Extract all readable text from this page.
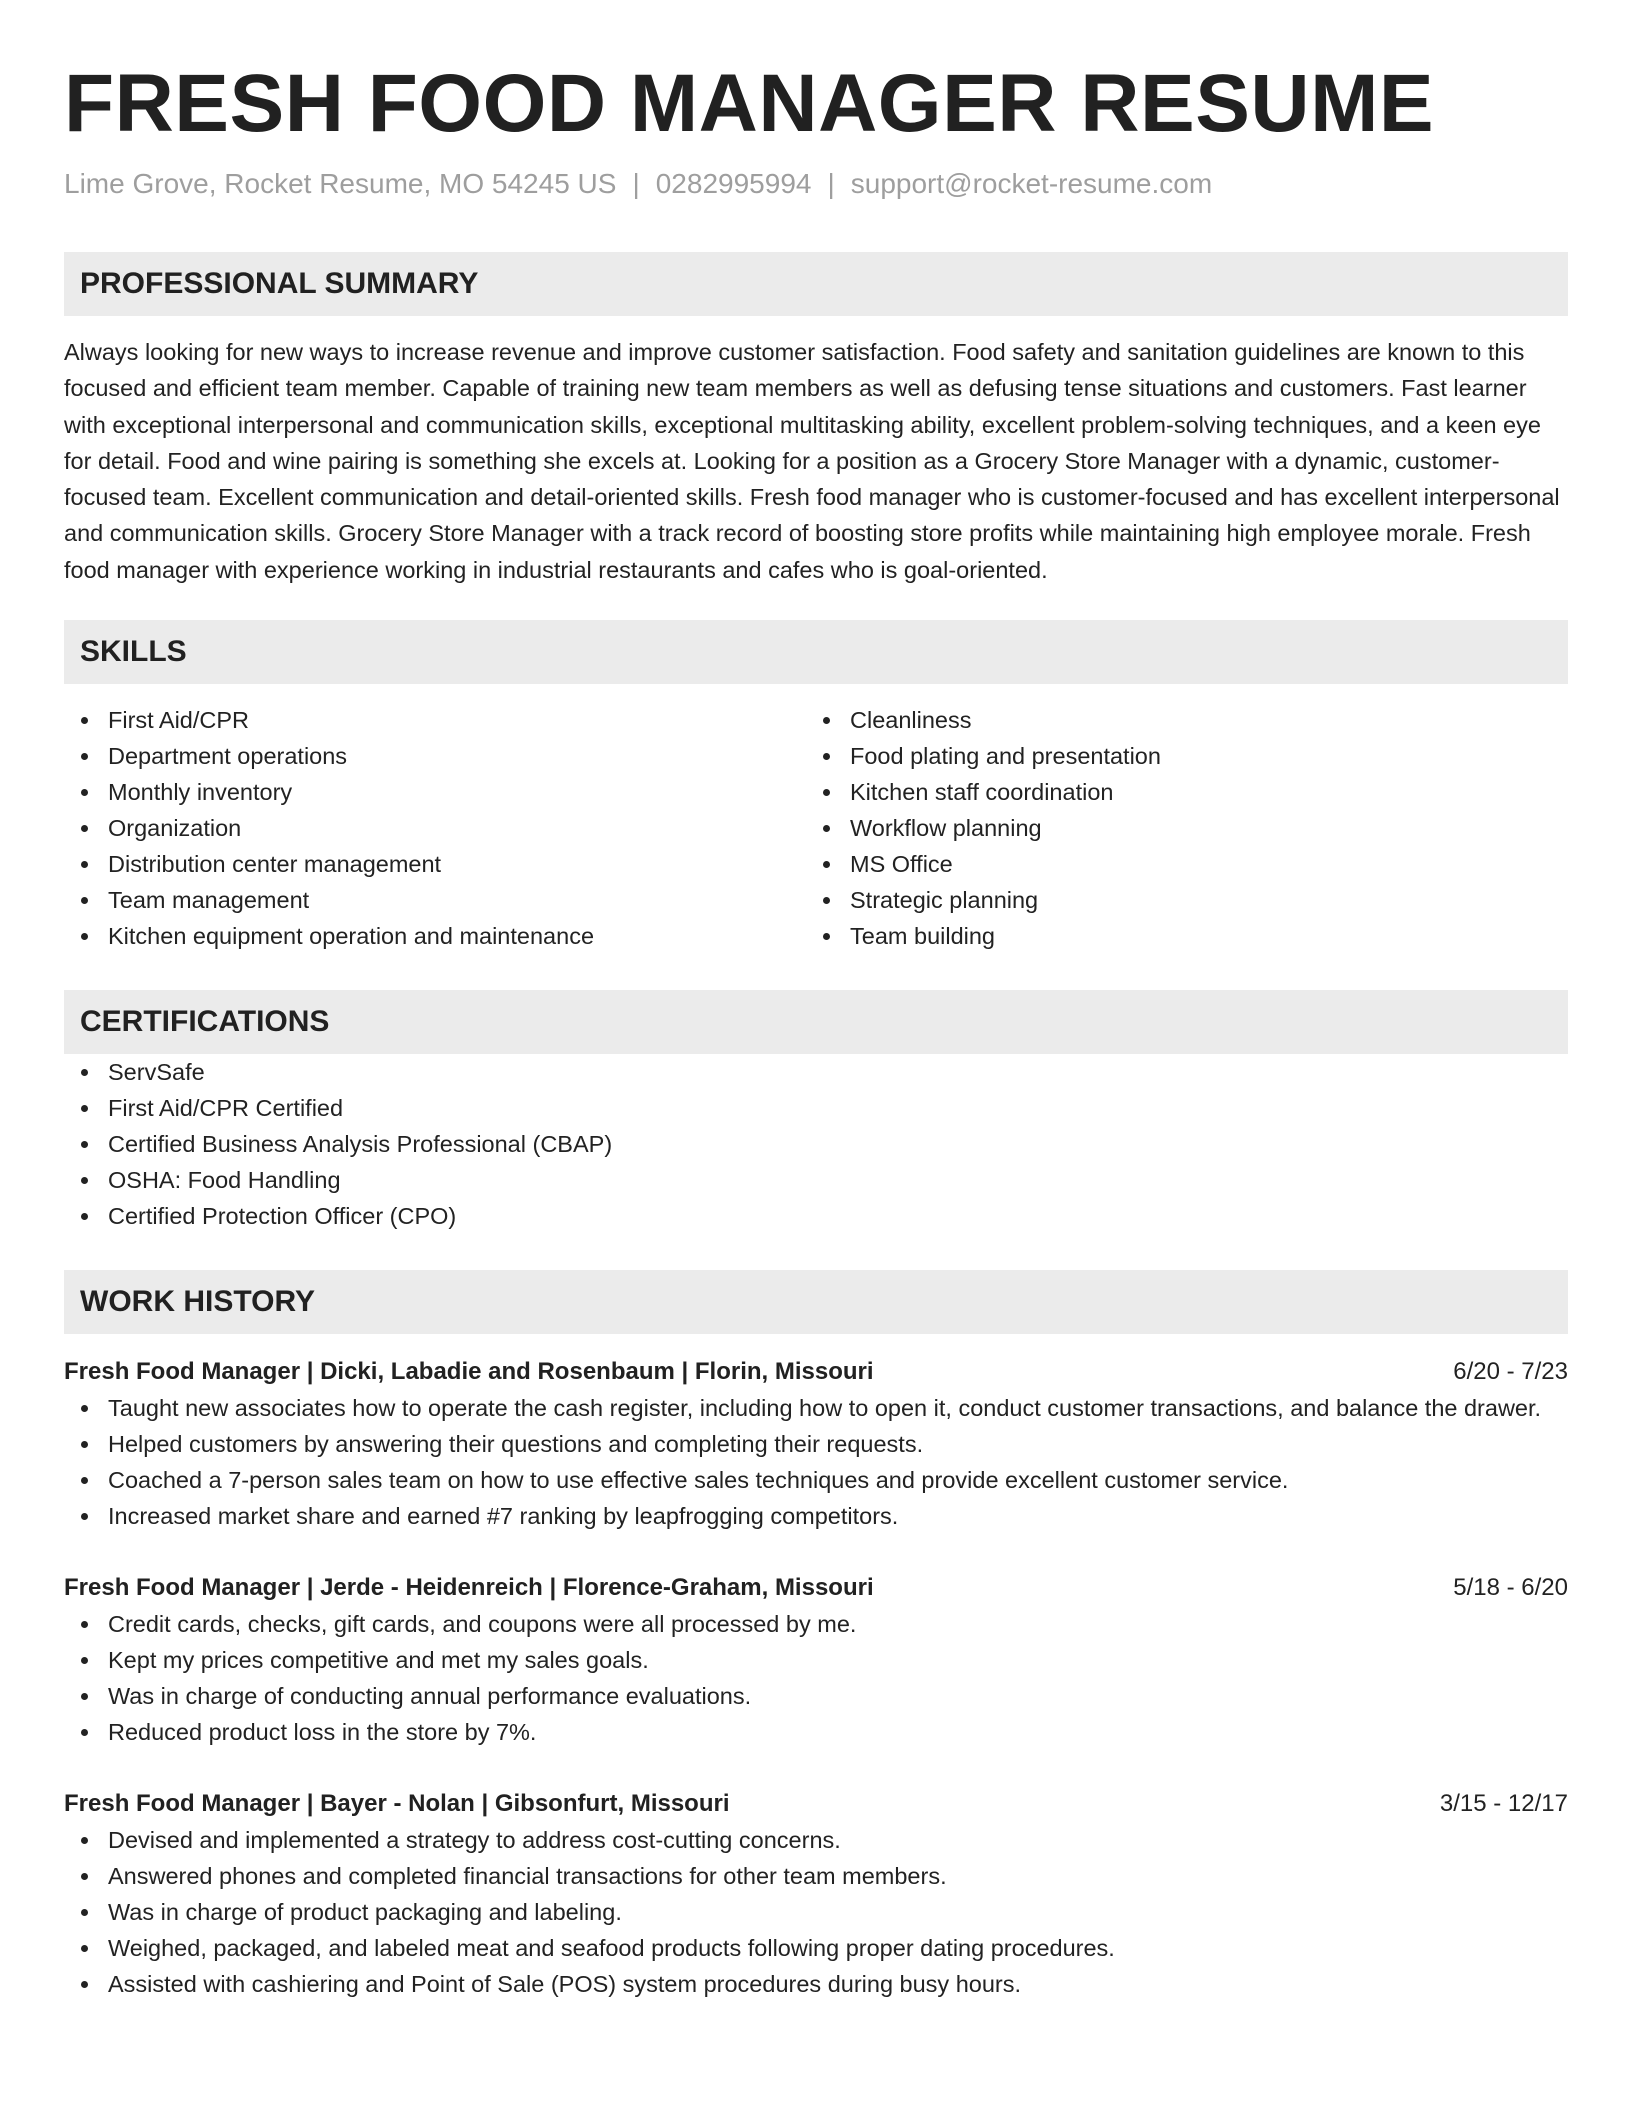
FRESH FOOD MANAGER RESUME
Lime Grove, Rocket Resume, MO 54245 US | 0282995994 | support@rocket-resume.com
PROFESSIONAL SUMMARY

Always looking for new ways to increase revenue and improve customer satisfaction. Food safety and sanitation guidelines are known to this focused and efficient team member. Capable of training new team members as well as defusing tense situations and customers. Fast learner with exceptional interpersonal and communication skills, exceptional multitasking ability, excellent problem-solving techniques, and a keen eye for detail. Food and wine pairing is something she excels at. Looking for a position as a Grocery Store Manager with a dynamic, customer-focused team. Excellent communication and detail-oriented skills. Fresh food manager who is customer-focused and has excellent interpersonal and communication skills. Grocery Store Manager with a track record of boosting store profits while maintaining high employee morale. Fresh food manager with experience working in industrial restaurants and cafes who is goal-oriented.

SKILLS
First Aid/CPR
Department operations
Monthly inventory
Organization
Distribution center management
Team management
Kitchen equipment operation and maintenance
Cleanliness
Food plating and presentation
Kitchen staff coordination
Workflow planning
MS Office
Strategic planning
Team building
CERTIFICATIONS
ServSafe
First Aid/CPR Certified
Certified Business Analysis Professional (CBAP)
OSHA: Food Handling
Certified Protection Officer (CPO)
WORK HISTORY
Fresh Food Manager | Dicki, Labadie and Rosenbaum | Florin, Missouri	6/20 - 7/23
Taught new associates how to operate the cash register, including how to open it, conduct customer transactions, and balance the drawer.
Helped customers by answering their questions and completing their requests.
Coached a 7-person sales team on how to use effective sales techniques and provide excellent customer service.
Increased market share and earned #7 ranking by leapfrogging competitors.
Fresh Food Manager | Jerde - Heidenreich | Florence-Graham, Missouri	5/18 - 6/20
Credit cards, checks, gift cards, and coupons were all processed by me.
Kept my prices competitive and met my sales goals.
Was in charge of conducting annual performance evaluations.
Reduced product loss in the store by 7%.
Fresh Food Manager | Bayer - Nolan | Gibsonfurt, Missouri	3/15 - 12/17
Devised and implemented a strategy to address cost-cutting concerns.
Answered phones and completed financial transactions for other team members.
Was in charge of product packaging and labeling.
Weighed, packaged, and labeled meat and seafood products following proper dating procedures.
Assisted with cashiering and Point of Sale (POS) system procedures during busy hours.
